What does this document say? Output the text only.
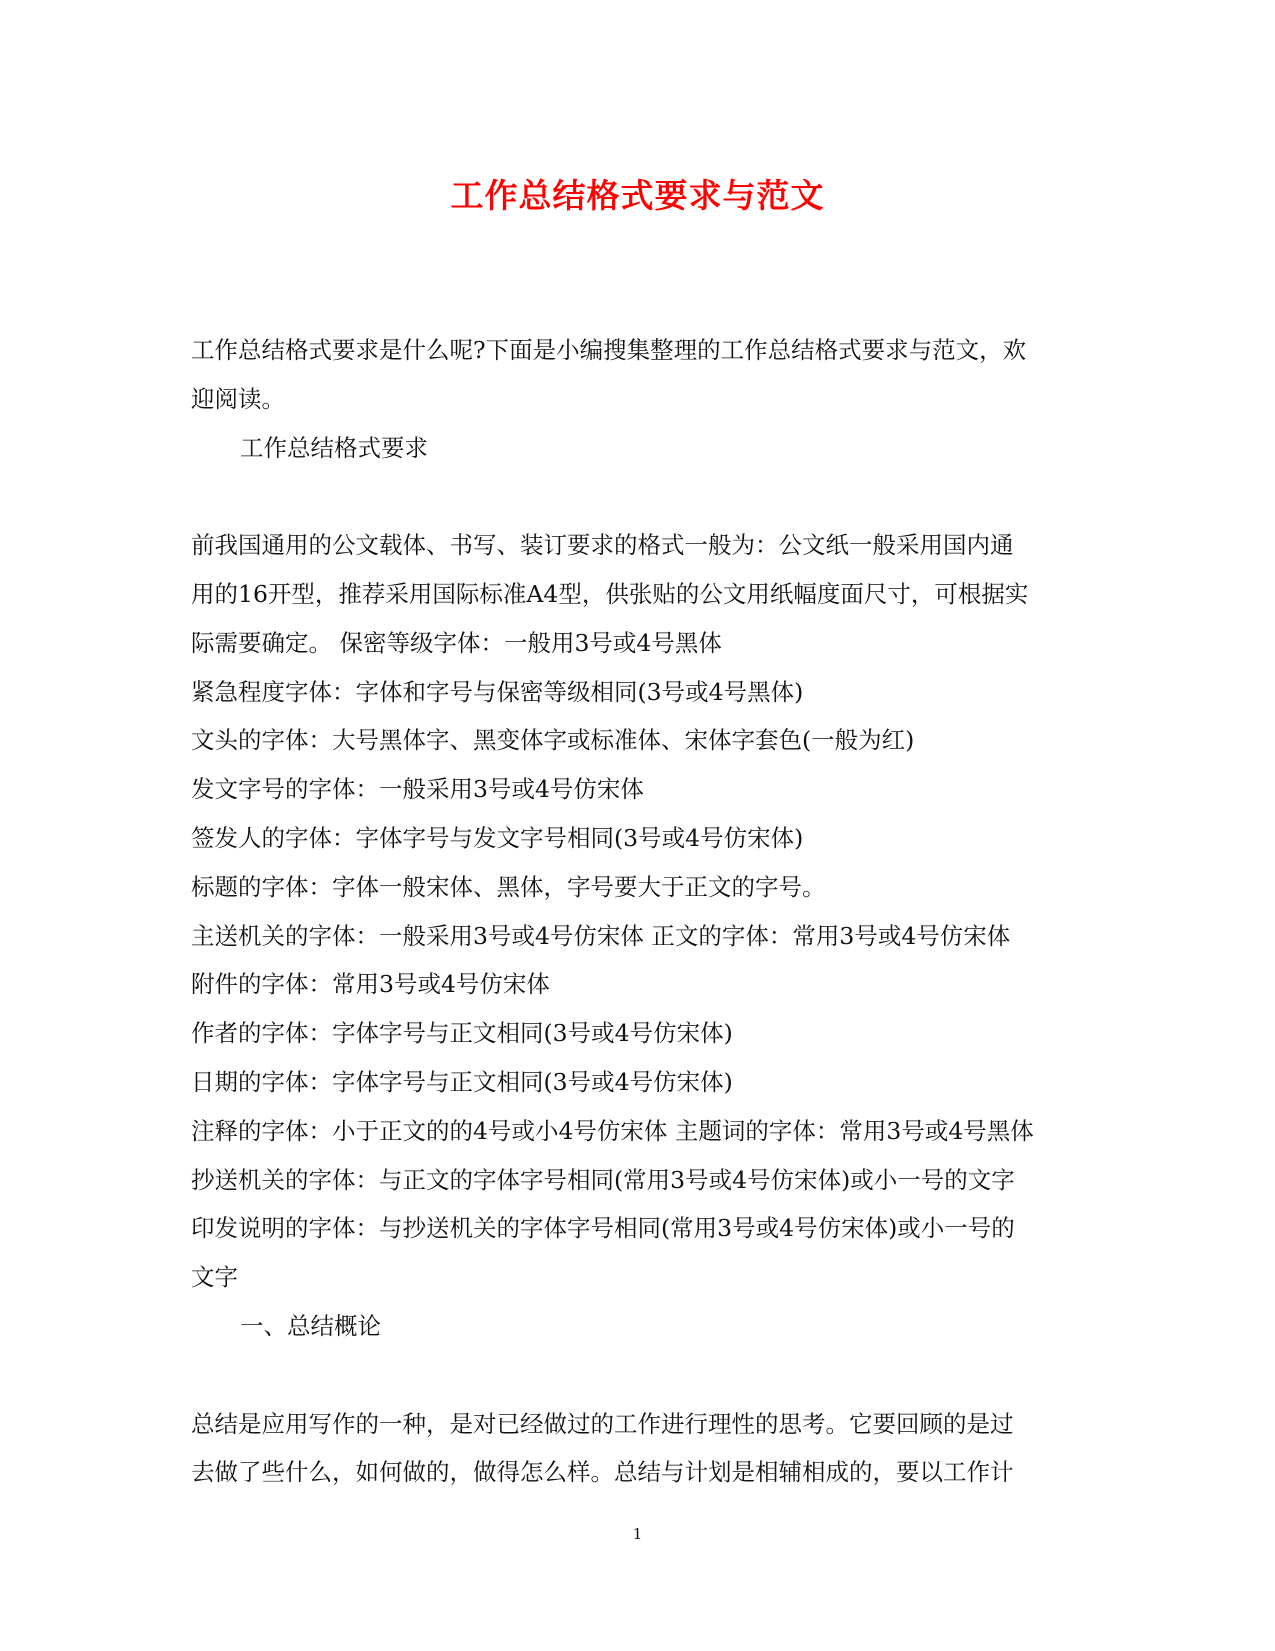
工作总结格式要求与范文

工作总结格式要求是什么呢?下面是小编搜集整理的工作总结格式要求与范文，欢

迎阅读。

工作总结格式要求

前我国通用的公文载体、书写、装订要求的格式一般为：公文纸一般采用国内通

用的16开型，推荐采用国际标准A4型，供张贴的公文用纸幅度面尺寸，可根据实

际需要确定。 保密等级字体：一般用3号或4号黑体

紧急程度字体：字体和字号与保密等级相同(3号或4号黑体)

文头的字体：大号黑体字、黑变体字或标准体、宋体字套色(一般为红)

发文字号的字体：一般采用3号或4号仿宋体

签发人的字体：字体字号与发文字号相同(3号或4号仿宋体)

标题的字体：字体一般宋体、黑体，字号要大于正文的字号。

主送机关的字体：一般采用3号或4号仿宋体 正文的字体：常用3号或4号仿宋体

附件的字体：常用3号或4号仿宋体

作者的字体：字体字号与正文相同(3号或4号仿宋体)

日期的字体：字体字号与正文相同(3号或4号仿宋体)

注释的字体：小于正文的的4号或小4号仿宋体 主题词的字体：常用3号或4号黑体

抄送机关的字体：与正文的字体字号相同(常用3号或4号仿宋体)或小一号的文字

印发说明的字体：与抄送机关的字体字号相同(常用3号或4号仿宋体)或小一号的

文字

一、总结概论

总结是应用写作的一种，是对已经做过的工作进行理性的思考。它要回顾的是过

去做了些什么，如何做的，做得怎么样。总结与计划是相辅相成的，要以工作计

1
